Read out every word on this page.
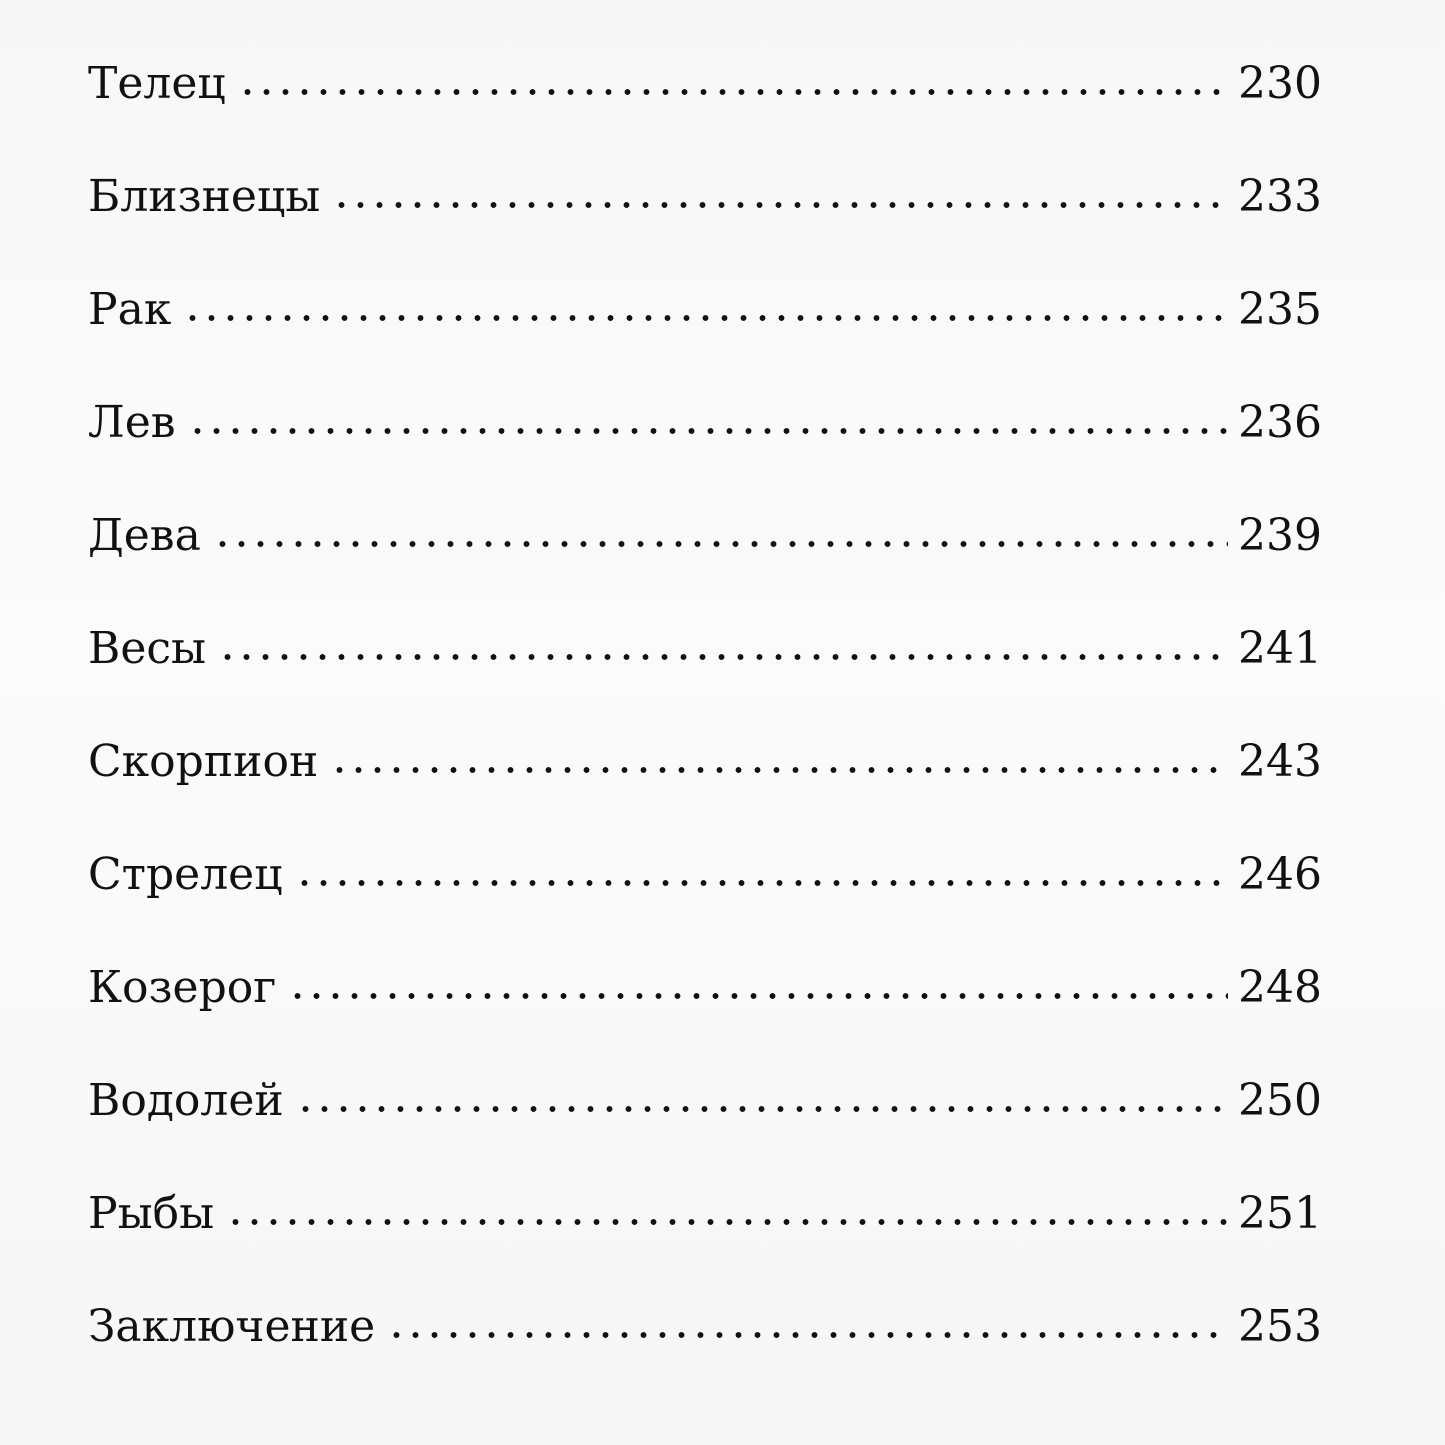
Телец	230
Близнецы	233
Рак	235
Лев	236
Дева	239
Весы	241
Скорпион	243
Стрелец	246
Козерог	248
Водолей	250
Рыбы	251
Заключение	253
